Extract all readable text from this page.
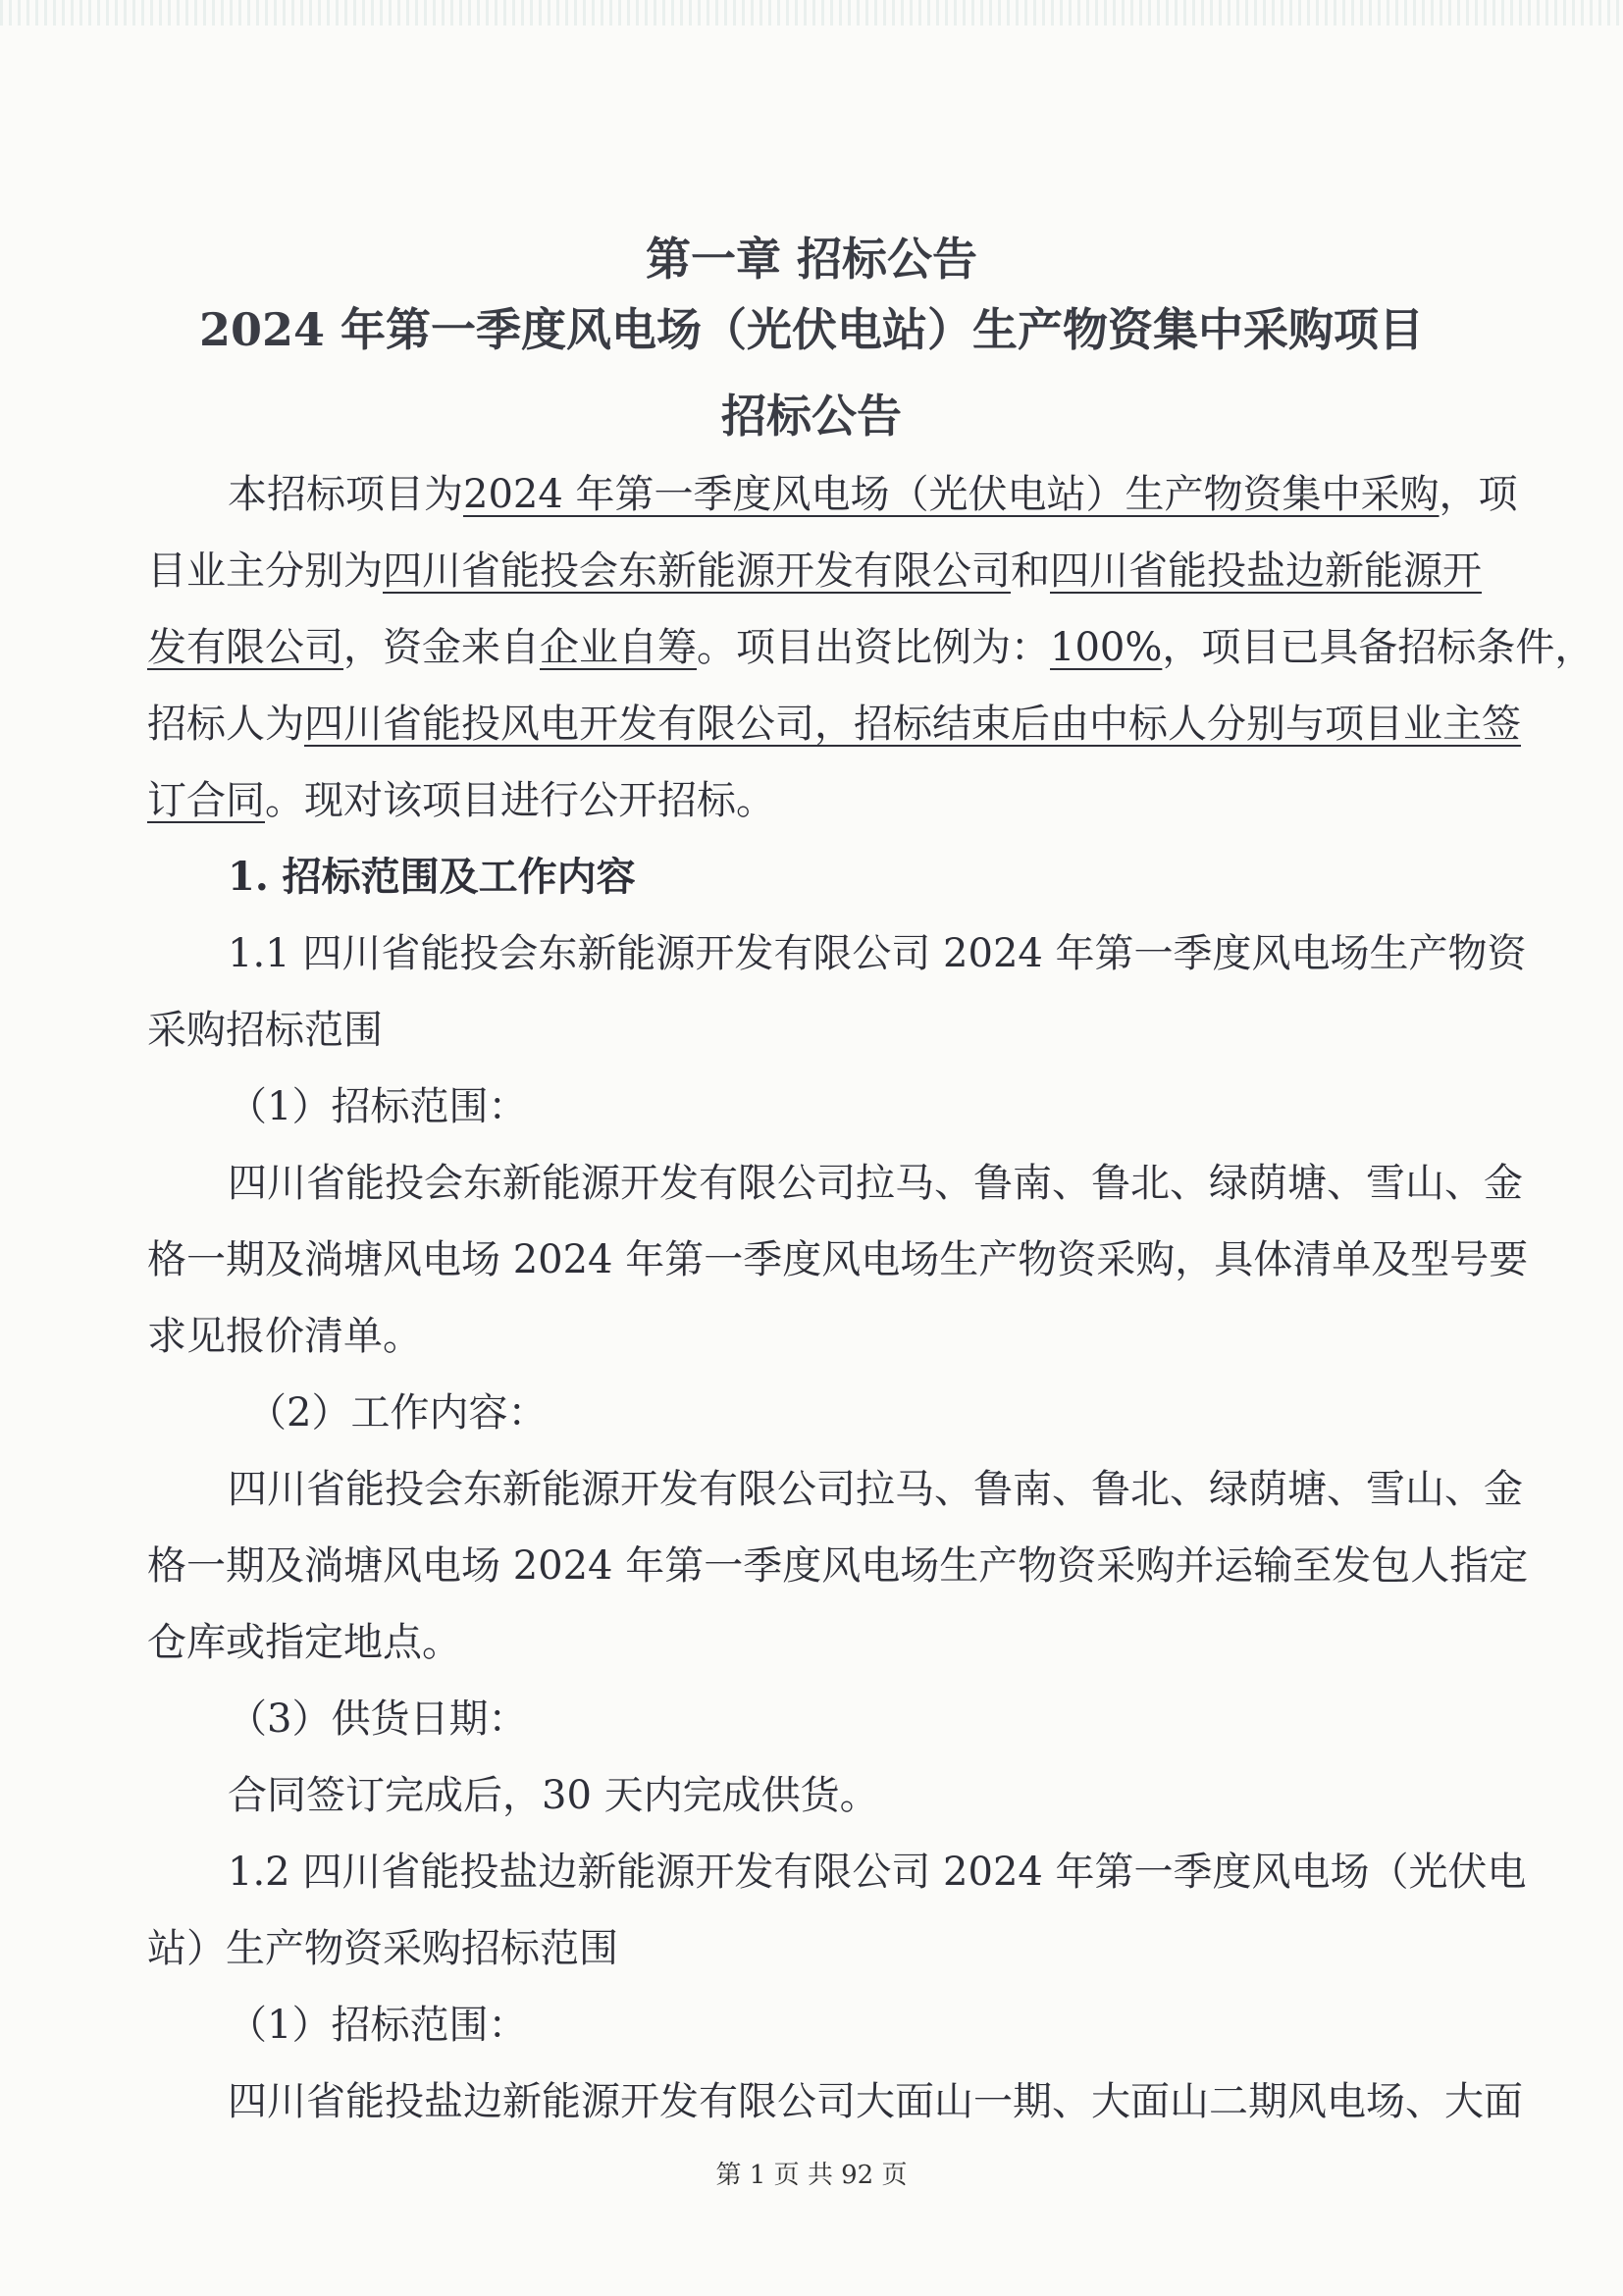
第一章 招标公告
2024 年第一季度风电场（光伏电站）生产物资集中采购项目
招标公告
本招标项目为2024 年第一季度风电场（光伏电站）生产物资集中采购，项
目业主分别为四川省能投会东新能源开发有限公司和四川省能投盐边新能源开
发有限公司，资金来自企业自筹。项目出资比例为：100%，项目已具备招标条件，
招标人为四川省能投风电开发有限公司，招标结束后由中标人分别与项目业主签
订合同。现对该项目进行公开招标。
1. 招标范围及工作内容
1.1 四川省能投会东新能源开发有限公司 2024 年第一季度风电场生产物资
采购招标范围
（1）招标范围：
四川省能投会东新能源开发有限公司拉马、鲁南、鲁北、绿荫塘、雪山、金
格一期及淌塘风电场 2024 年第一季度风电场生产物资采购，具体清单及型号要
求见报价清单。
（2）工作内容：
四川省能投会东新能源开发有限公司拉马、鲁南、鲁北、绿荫塘、雪山、金
格一期及淌塘风电场 2024 年第一季度风电场生产物资采购并运输至发包人指定
仓库或指定地点。
（3）供货日期：
合同签订完成后，30 天内完成供货。
1.2 四川省能投盐边新能源开发有限公司 2024 年第一季度风电场（光伏电
站）生产物资采购招标范围
（1）招标范围：
四川省能投盐边新能源开发有限公司大面山一期、大面山二期风电场、大面
第 1 页 共 92 页
